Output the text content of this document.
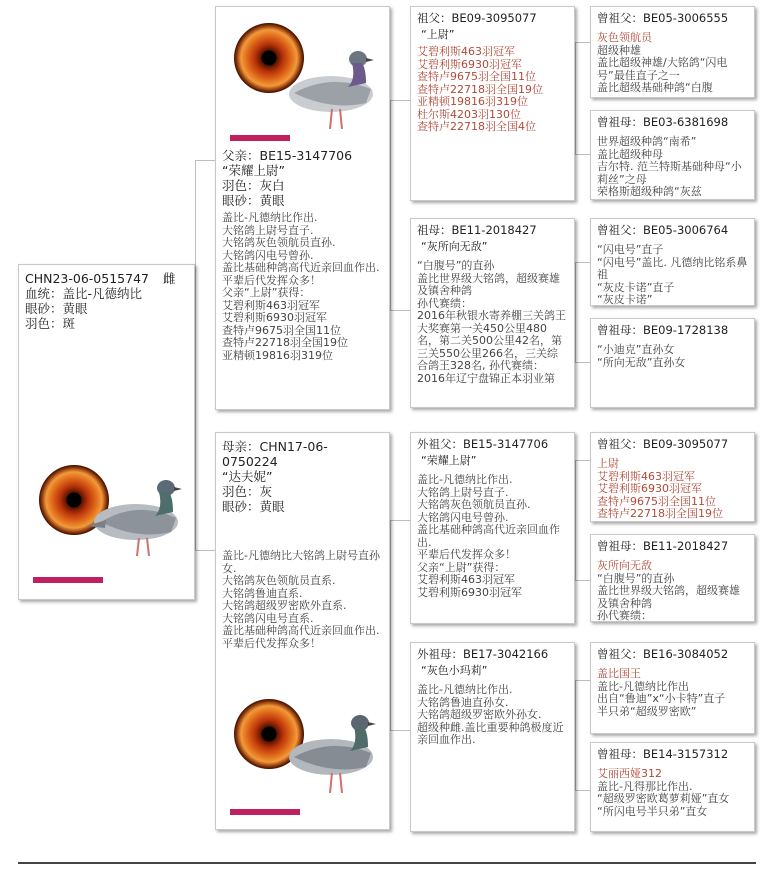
CHN23-06-0515747 雌
血统：盖比-凡德纳比
眼砂：黄眼
羽色：斑
父亲：BE15-3147706
“荣耀上尉”
羽色：灰白
眼砂：黄眼
盖比-凡德纳比作出.
大铭鸽上尉号直子.
大铭鸽灰色领航员直孙.
大铭鸽闪电号曾孙.
盖比基础种鸽高代近亲回血作出.
平辈后代发挥众多！
父亲“上尉”获得：
艾碧利斯463羽冠军
艾碧利斯6930羽冠军
查特卢9675羽全国11位
查特卢22718羽全国19位
亚精顿19816羽319位
母亲：CHN17-06-0750224
“达夫妮”
羽色：灰
眼砂：黄眼
盖比-凡德纳比大铭鸽上尉号直孙女.
大铭鸽灰色领航员直系.
大铭鸽鲁迪直系.
大铭鸽超级罗密欧外直系.
大铭鸽闪电号直系.
盖比基础种鸽高代近亲回血作出.
平辈后代发挥众多！
祖父：BE09-3095077
“上尉”
艾碧利斯463羽冠军
艾碧利斯6930羽冠军
查特卢9675羽全国11位
查特卢22718羽全国19位
亚精顿19816羽319位
杜尔斯4203羽130位
查特卢22718羽全国4位
祖母：BE11-2018427
“灰所向无敌”
“白腹号”的直孙
盖比世界级大铭鸽，超级赛雄及镇舍种鸽
孙代赛绩：
2016年秋银水寄养棚三关鸽王大奖赛第一关450公里480名，第二关500公里42名，第三关550公里266名，三关综合鸽王328名, 孙代赛绩：
2016年辽宁盘锦正本羽业第
外祖父：BE15-3147706
“荣耀上尉”
盖比-凡德纳比作出.
大铭鸽上尉号直子.
大铭鸽灰色领航员直孙.
大铭鸽闪电号曾孙.
盖比基础种鸽高代近亲回血作出.
平辈后代发挥众多！
父亲“上尉”获得：
艾碧利斯463羽冠军
艾碧利斯6930羽冠军
外祖母：BE17-3042166
“灰色小玛莉”
盖比-凡德纳比作出.
大铭鸽鲁迪直孙女.
大铭鸽超级罗密欧外孙女.
超级种雌.盖比重要种鸽极度近亲回血作出.
曾祖父：BE05-3006555
灰色领航员
超级种雄
盖比超级神雄/大铭鸽“闪电号”最佳直子之一
盖比超级基础种鸽“白腹
曾祖母：BE03-6381698
世界超级种鸽“南希”
盖比超级种母
吉尔特. 范兰特斯基础种母“小莉丝”之母
荣格斯超级种鸽“灰兹
曾祖父：BE05-3006764
“闪电号”直子
“闪电号”盖比. 凡德纳比铭系鼻祖
“灰皮卡诺”直子
“灰皮卡诺”
曾祖母：BE09-1728138
“小迪克”直孙女
“所向无敌”直孙女
曾祖父：BE09-3095077
上尉
艾碧利斯463羽冠军
艾碧利斯6930羽冠军
查特卢9675羽全国11位
查特卢22718羽全国19位
曾祖母：BE11-2018427
灰所向无敌
“白腹号”的直孙
盖比世界级大铭鸽，超级赛雄及镇舍种鸽
孙代赛绩：
曾祖父：BE16-3084052
盖比国王
盖比-凡德纳比作出
出自“鲁迪”x“小卡特”直子
半只弟“超级罗密欧”
曾祖母：BE14-3157312
艾丽西娅312
盖比-凡得那比作出.
“超级罗密欧葛萝莉娅”直女
“所闪电号半只弟”直女
